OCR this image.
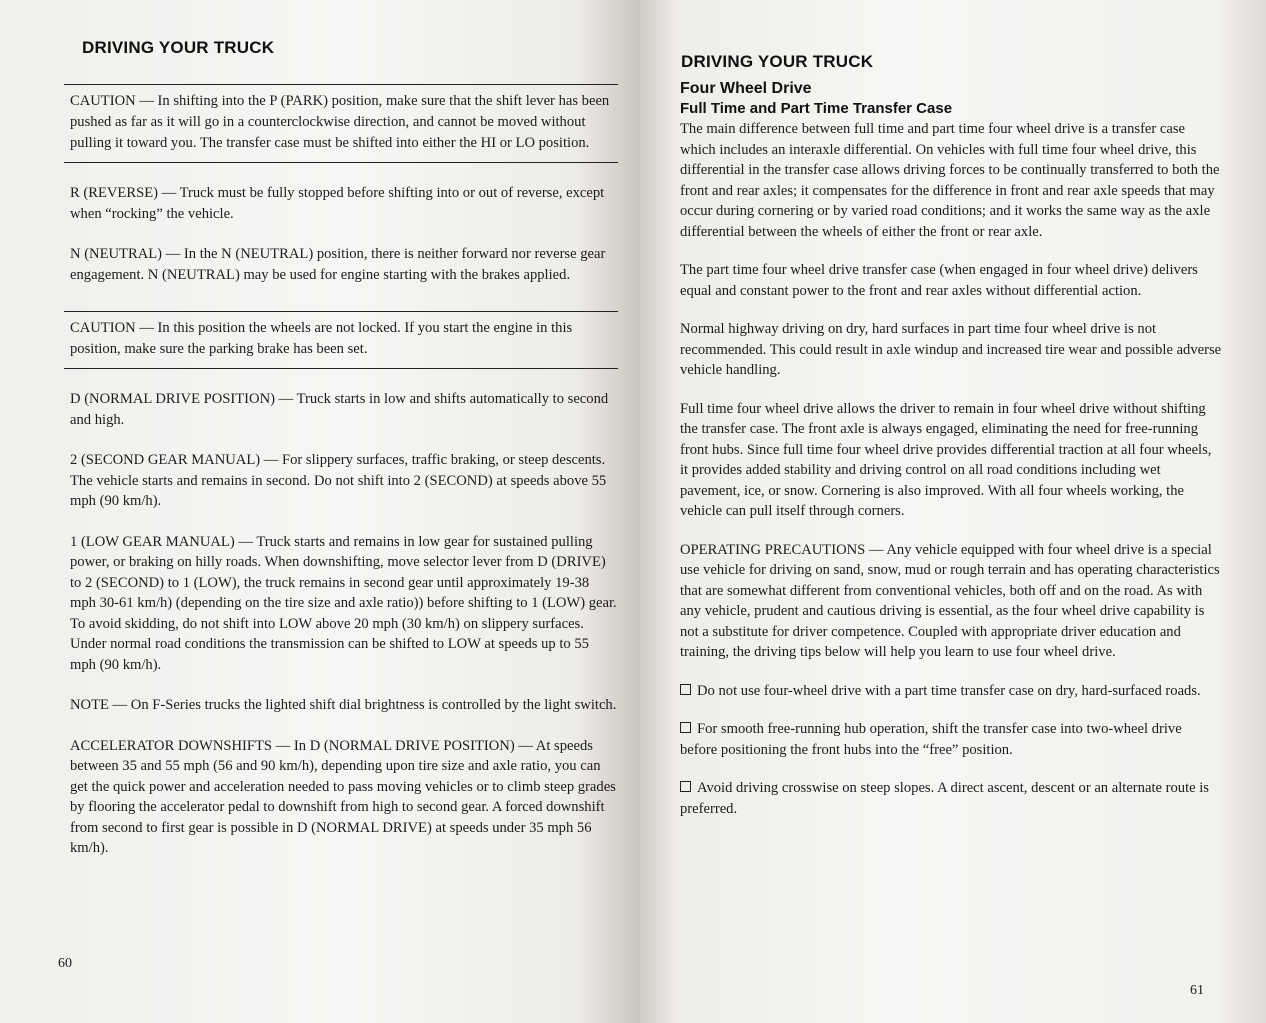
DRIVING YOUR TRUCK
CAUTION — In shifting into the P (PARK) position, make sure that the shift lever has been pushed as far as it will go in a counterclockwise direction, and cannot be moved without pulling it toward you. The transfer case must be shifted into either the HI or LO position.
R (REVERSE) — Truck must be fully stopped before shifting into or out of reverse, except when “rocking” the vehicle.
N (NEUTRAL) — In the N (NEUTRAL) position, there is neither forward nor reverse gear engagement. N (NEUTRAL) may be used for engine starting with the brakes applied.
CAUTION — In this position the wheels are not locked. If you start the engine in this position, make sure the parking brake has been set.
D (NORMAL DRIVE POSITION) — Truck starts in low and shifts automatically to second and high.
2 (SECOND GEAR MANUAL) — For slippery surfaces, traffic braking, or steep descents. The vehicle starts and remains in second. Do not shift into 2 (SECOND) at speeds above 55 mph (90 km/h).
1 (LOW GEAR MANUAL) — Truck starts and remains in low gear for sustained pulling power, or braking on hilly roads. When downshifting, move selector lever from D (DRIVE) to 2 (SECOND) to 1 (LOW), the truck remains in second gear until approximately 19-38 mph 30-61 km/h) (depending on the tire size and axle ratio)) before shifting to 1 (LOW) gear. To avoid skidding, do not shift into LOW above 20 mph (30 km/h) on slippery surfaces. Under normal road conditions the transmission can be shifted to LOW at speeds up to 55 mph (90 km/h).
NOTE — On F-Series trucks the lighted shift dial brightness is controlled by the light switch.
ACCELERATOR DOWNSHIFTS — In D (NORMAL DRIVE POSITION) — At speeds between 35 and 55 mph (56 and 90 km/h), depending upon tire size and axle ratio, you can get the quick power and acceleration needed to pass moving vehicles or to climb steep grades by flooring the accelerator pedal to downshift from high to second gear. A forced downshift from second to first gear is possible in D (NORMAL DRIVE) at speeds under 35 mph 56 km/h).
60
DRIVING YOUR TRUCK
Four Wheel Drive
Full Time and Part Time Transfer Case
The main difference between full time and part time four wheel drive is a transfer case which includes an interaxle differential. On vehicles with full time four wheel drive, this differential in the transfer case allows driving forces to be continually transferred to both the front and rear axles; it compensates for the difference in front and rear axle speeds that may occur during cornering or by varied road conditions; and it works the same way as the axle differential between the wheels of either the front or rear axle.
The part time four wheel drive transfer case (when engaged in four wheel drive) delivers equal and constant power to the front and rear axles without differential action.
Normal highway driving on dry, hard surfaces in part time four wheel drive is not recommended. This could result in axle windup and increased tire wear and possible adverse vehicle handling.
Full time four wheel drive allows the driver to remain in four wheel drive without shifting the transfer case. The front axle is always engaged, eliminating the need for free-running front hubs. Since full time four wheel drive provides differential traction at all four wheels, it provides added stability and driving control on all road conditions including wet pavement, ice, or snow. Cornering is also improved. With all four wheels working, the vehicle can pull itself through corners.
OPERATING PRECAUTIONS — Any vehicle equipped with four wheel drive is a special use vehicle for driving on sand, snow, mud or rough terrain and has operating characteristics that are somewhat different from conventional vehicles, both off and on the road. As with any vehicle, prudent and cautious driving is essential, as the four wheel drive capability is not a substitute for driver competence. Coupled with appropriate driver education and training, the driving tips below will help you learn to use four wheel drive.
Do not use four-wheel drive with a part time transfer case on dry, hard-surfaced roads.
For smooth free-running hub operation, shift the transfer case into two-wheel drive before positioning the front hubs into the “free” position.
Avoid driving crosswise on steep slopes. A direct ascent, descent or an alternate route is preferred.
61
